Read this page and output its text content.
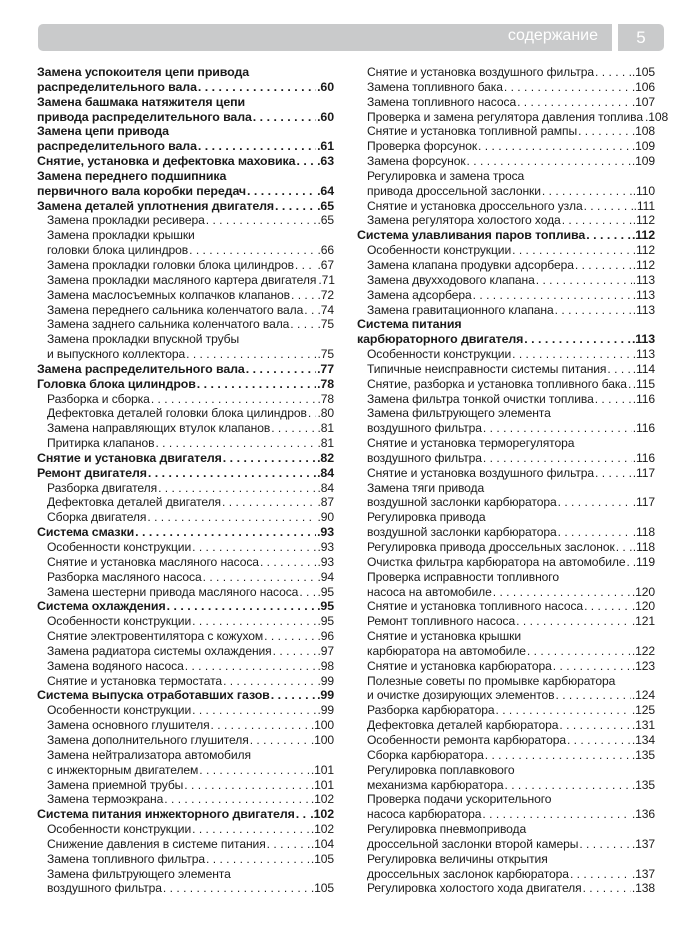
содержание	5
Замена успокоителя цепи привода
распределительного вала . . .	.60
Замена башмака натяжителя цепи
привода распределительного вала . . .	.60
Замена цепи привода
распределительного вала . . .	.61
Снятие, установка и дефектовка маховика . . . .63
Замена переднего подшипника
первичного вала коробки передач . . .	.64
Замена деталей уплотнения двигателя . . .	.65
Замена прокладки ресивера . . .	.65
Замена прокладки крышки
головки блока цилиндров . . .	.66
Замена прокладки головки блока цилиндров . . . .67
Замена прокладки масляного картера двигателя .71
Замена маслосъемных колпачков клапанов . . . .72
Замена переднего сальника коленчатого вала . . . .74
Замена заднего сальника коленчатого вала . . . .75
Замена прокладки впускной трубы
и выпускного коллектора . . .	.75
Замена распределительного вала . . .	.77
Головка блока цилиндров . . .	.78
Разборка и сборка . . .	.78
Дефектовка деталей головки блока цилиндров . . . .80
Замена направляющих втулок клапанов . . .	.81
Притирка клапанов . . .	.81
Снятие и установка двигателя . . .	.82
Ремонт двигателя . . .	.84
Разборка двигателя . . .	.84
Дефектовка деталей двигателя . . .	.87
Сборка двигателя . . .	.90
Система смазки . . .	.93
Особенности конструкции . . .	.93
Снятие и установка масляного насоса . . .	.93
Разборка масляного насоса . . .	.94
Замена шестерни привода масляного насоса . . . .95
Система охлаждения . . .	.95
Особенности конструкции . . .	.95
Снятие электровентилятора с кожухом . . .	.96
Замена радиатора системы охлаждения . . .	.97
Замена водяного насоса . . .	.98
Снятие и установка термостата . . .	.99
Система выпуска отработавших газов . . .	.99
Особенности конструкции . . .	.99
Замена основного глушителя . . .	.100
Замена дополнительного глушителя . . .	.100
Замена нейтрализатора автомобиля
с инжекторным двигателем . . .	.101
Замена приемной трубы . . .	.101
Замена термоэкрана . . .	.102
Система питания инжекторного двигателя . . . .102
Особенности конструкции . . .	.102
Снижение давления в системе питания . . .	.104
Замена топливного фильтра . . .	.105
Замена фильтрующего элемента
воздушного фильтра . . .	.105
Снятие и установка воздушного фильтра . . .	.105
Замена топливного бака . . .	.106
Замена топливного насоса . . .	.107
Проверка и замена регулятора давления топлива .108
Снятие и установка топливной рампы . . .	.108
Проверка форсунок . . .	.109
Замена форсунок . . .	.109
Регулировка и замена троса
привода дроссельной заслонки . . .	.110
Снятие и установка дроссельного узла . . .	.111
Замена регулятора холостого хода . . .	.112
Система улавливания паров топлива . . .	.112
Особенности конструкции . . .	.112
Замена клапана продувки адсорбера . . .	.112
Замена двухходового клапана . . .	.113
Замена адсорбера . . .	.113
Замена гравитационного клапана . . .	.113
Система питания
карбюраторного двигателя . . .	.113
Особенности конструкции . . .	.113
Типичные неисправности системы питания . . . .114
Снятие, разборка и установка топливного бака . . . .115
Замена фильтра тонкой очистки топлива . . .	.116
Замена фильтрующего элемента
воздушного фильтра . . .	.116
Снятие и установка терморегулятора
воздушного фильтра . . .	.116
Снятие и установка воздушного фильтра . . .	.117
Замена тяги привода
воздушной заслонки карбюратора . . .	.117
Регулировка привода
воздушной заслонки карбюратора . . .	.118
Регулировка привода дроссельных заслонок . . . .118
Очистка фильтра карбюратора на автомобиле . . . .119
Проверка исправности топливного
насоса на автомобиле . . .	.120
Снятие и установка топливного насоса . . .	.120
Ремонт топливного насоса . . .	.121
Снятие и установка крышки
карбюратора на автомобиле . . .	.122
Снятие и установка карбюратора . . .	.123
Полезные советы по промывке карбюратора
и очистке дозирующих элементов . . .	.124
Разборка карбюратора . . .	.125
Дефектовка деталей карбюратора . . .	.131
Особенности ремонта карбюратора . . .	.134
Сборка карбюратора . . .	.135
Регулировка поплавкового
механизма карбюратора . . .	.135
Проверка подачи ускорительного
насоса карбюратора . . .	.136
Регулировка пневмопривода
дроссельной заслонки второй камеры . . .	.137
Регулировка величины открытия
дроссельных заслонок карбюратора . . .	.137
Регулировка холостого хода двигателя . . .	.138
